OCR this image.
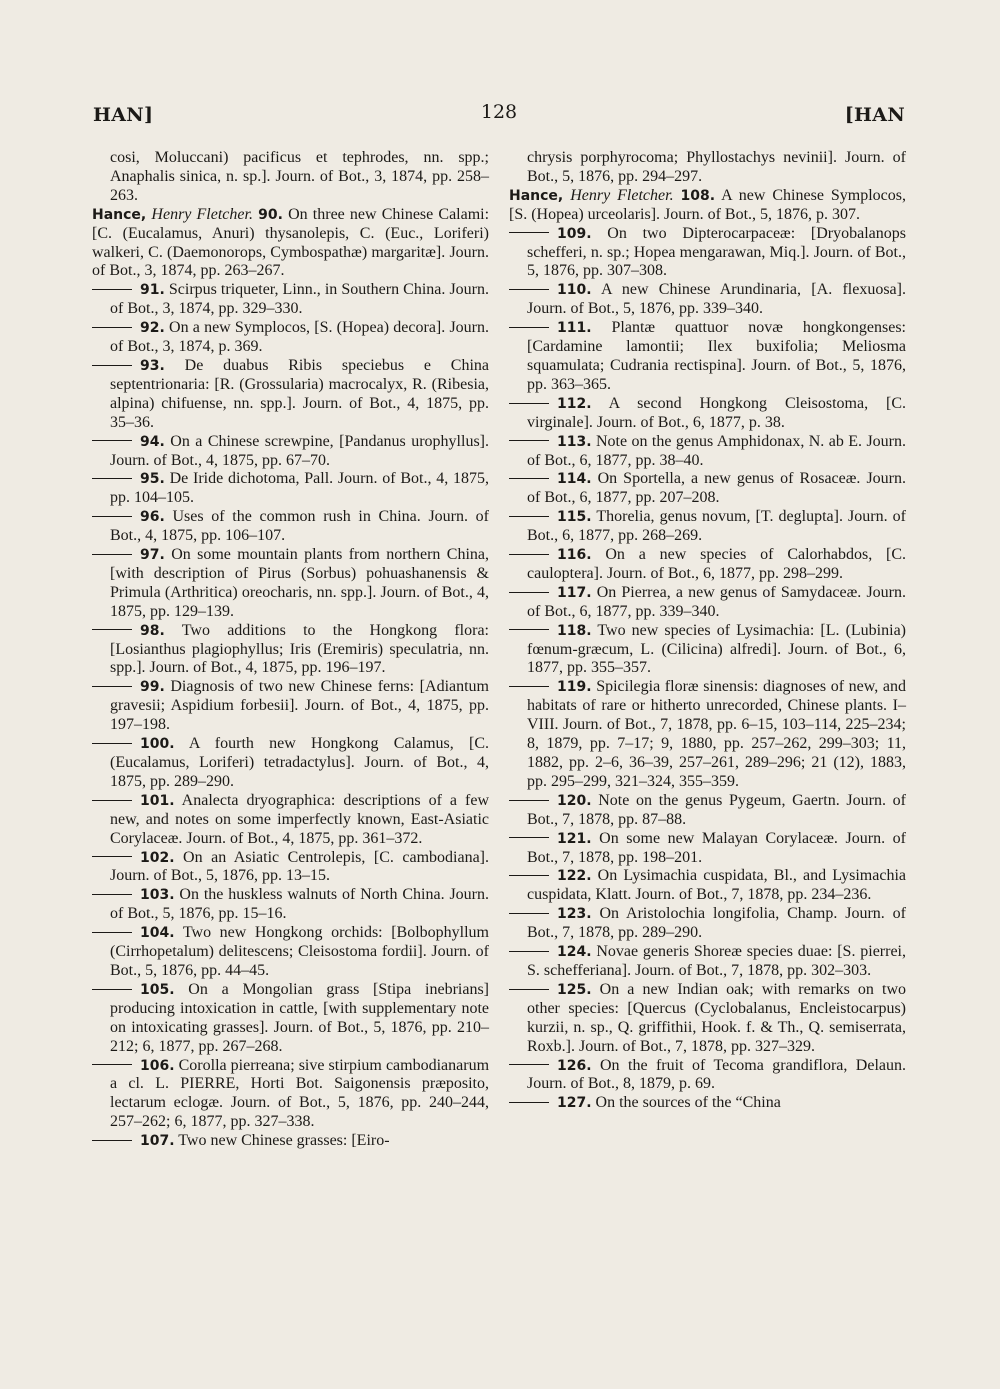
HAN]	128	[HAN

cosi, Moluccani) pacificus et tephrodes, nn. spp.; Anaphalis sinica, n. sp.]. Journ. of Bot., 3, 1874, pp. 258–263.

Hance, Henry Fletcher. 90. On three new Chinese Calami: [C. (Eucalamus, Anuri) thysanolepis, C. (Euc., Loriferi) walkeri, C. (Daemonorops, Cymbospathæ) margaritæ]. Journ. of Bot., 3, 1874, pp. 263–267.

91. Scirpus triqueter, Linn., in Southern China. Journ. of Bot., 3, 1874, pp. 329–330.

92. On a new Symplocos, [S. (Hopea) decora]. Journ. of Bot., 3, 1874, p. 369.

93. De duabus Ribis speciebus e China septentrionaria: [R. (Grossularia) macrocalyx, R. (Ribesia, alpina) chifuense, nn. spp.]. Journ. of Bot., 4, 1875, pp. 35–36.

94. On a Chinese screwpine, [Pandanus urophyllus]. Journ. of Bot., 4, 1875, pp. 67–70.

95. De Iride dichotoma, Pall. Journ. of Bot., 4, 1875, pp. 104–105.

96. Uses of the common rush in China. Journ. of Bot., 4, 1875, pp. 106–107.

97. On some mountain plants from northern China, [with description of Pirus (Sorbus) pohuashanensis & Primula (Arthritica) oreocharis, nn. spp.]. Journ. of Bot., 4, 1875, pp. 129–139.

98. Two additions to the Hongkong flora: [Losianthus plagiophyllus; Iris (Eremiris) speculatria, nn. spp.]. Journ. of Bot., 4, 1875, pp. 196–197.

99. Diagnosis of two new Chinese ferns: [Adiantum gravesii; Aspidium forbesii]. Journ. of Bot., 4, 1875, pp. 197–198.

100. A fourth new Hongkong Calamus, [C. (Eucalamus, Loriferi) tetradactylus]. Journ. of Bot., 4, 1875, pp. 289–290.

101. Analecta dryographica: descriptions of a few new, and notes on some imperfectly known, East-Asiatic Corylaceæ. Journ. of Bot., 4, 1875, pp. 361–372.

102. On an Asiatic Centrolepis, [C. cambodiana]. Journ. of Bot., 5, 1876, pp. 13–15.

103. On the huskless walnuts of North China. Journ. of Bot., 5, 1876, pp. 15–16.

104. Two new Hongkong orchids: [Bolbophyllum (Cirrhopetalum) delitescens; Cleisostoma fordii]. Journ. of Bot., 5, 1876, pp. 44–45.

105. On a Mongolian grass [Stipa inebrians] producing intoxication in cattle, [with supplementary note on intoxicating grasses]. Journ. of Bot., 5, 1876, pp. 210–212; 6, 1877, pp. 267–268.

106. Corolla pierreana; sive stirpium cambodianarum a cl. L. PIERRE, Horti Bot. Saigonensis præposito, lectarum eclogæ. Journ. of Bot., 5, 1876, pp. 240–244, 257–262; 6, 1877, pp. 327–338.

107. Two new Chinese grasses: [Eiro-

chrysis porphyrocoma; Phyllostachys nevinii]. Journ. of Bot., 5, 1876, pp. 294–297.

Hance, Henry Fletcher. 108. A new Chinese Symplocos, [S. (Hopea) urceolaris]. Journ. of Bot., 5, 1876, p. 307.

109. On two Dipterocarpaceæ: [Dryobalanops schefferi, n. sp.; Hopea mengarawan, Miq.]. Journ. of Bot., 5, 1876, pp. 307–308.

110. A new Chinese Arundinaria, [A. flexuosa]. Journ. of Bot., 5, 1876, pp. 339–340.

111. Plantæ quattuor novæ hongkongenses: [Cardamine lamontii; Ilex buxifolia; Meliosma squamulata; Cudrania rectispina]. Journ. of Bot., 5, 1876, pp. 363–365.

112. A second Hongkong Cleisostoma, [C. virginale]. Journ. of Bot., 6, 1877, p. 38.

113. Note on the genus Amphidonax, N. ab E. Journ. of Bot., 6, 1877, pp. 38–40.

114. On Sportella, a new genus of Rosaceæ. Journ. of Bot., 6, 1877, pp. 207–208.

115. Thorelia, genus novum, [T. deglupta]. Journ. of Bot., 6, 1877, pp. 268–269.

116. On a new species of Calorhabdos, [C. cauloptera]. Journ. of Bot., 6, 1877, pp. 298–299.

117. On Pierrea, a new genus of Samydaceæ. Journ. of Bot., 6, 1877, pp. 339–340.

118. Two new species of Lysimachia: [L. (Lubinia) fœnum-græcum, L. (Cilicina) alfredi]. Journ. of Bot., 6, 1877, pp. 355–357.

119. Spicilegia floræ sinensis: diagnoses of new, and habitats of rare or hitherto unrecorded, Chinese plants. I–VIII. Journ. of Bot., 7, 1878, pp. 6–15, 103–114, 225–234; 8, 1879, pp. 7–17; 9, 1880, pp. 257–262, 299–303; 11, 1882, pp. 2–6, 36–39, 257–261, 289–296; 21 (12), 1883, pp. 295–299, 321–324, 355–359.

120. Note on the genus Pygeum, Gaertn. Journ. of Bot., 7, 1878, pp. 87–88.

121. On some new Malayan Corylaceæ. Journ. of Bot., 7, 1878, pp. 198–201.

122. On Lysimachia cuspidata, Bl., and Lysimachia cuspidata, Klatt. Journ. of Bot., 7, 1878, pp. 234–236.

123. On Aristolochia longifolia, Champ. Journ. of Bot., 7, 1878, pp. 289–290.

124. Novae generis Shoreæ species duae: [S. pierrei, S. schefferiana]. Journ. of Bot., 7, 1878, pp. 302–303.

125. On a new Indian oak; with remarks on two other species: [Quercus (Cyclobalanus, Encleistocarpus) kurzii, n. sp., Q. griffithii, Hook. f. & Th., Q. semiserrata, Roxb.]. Journ. of Bot., 7, 1878, pp. 327–329.

126. On the fruit of Tecoma grandiflora, Delaun. Journ. of Bot., 8, 1879, p. 69.

127. On the sources of the “China
